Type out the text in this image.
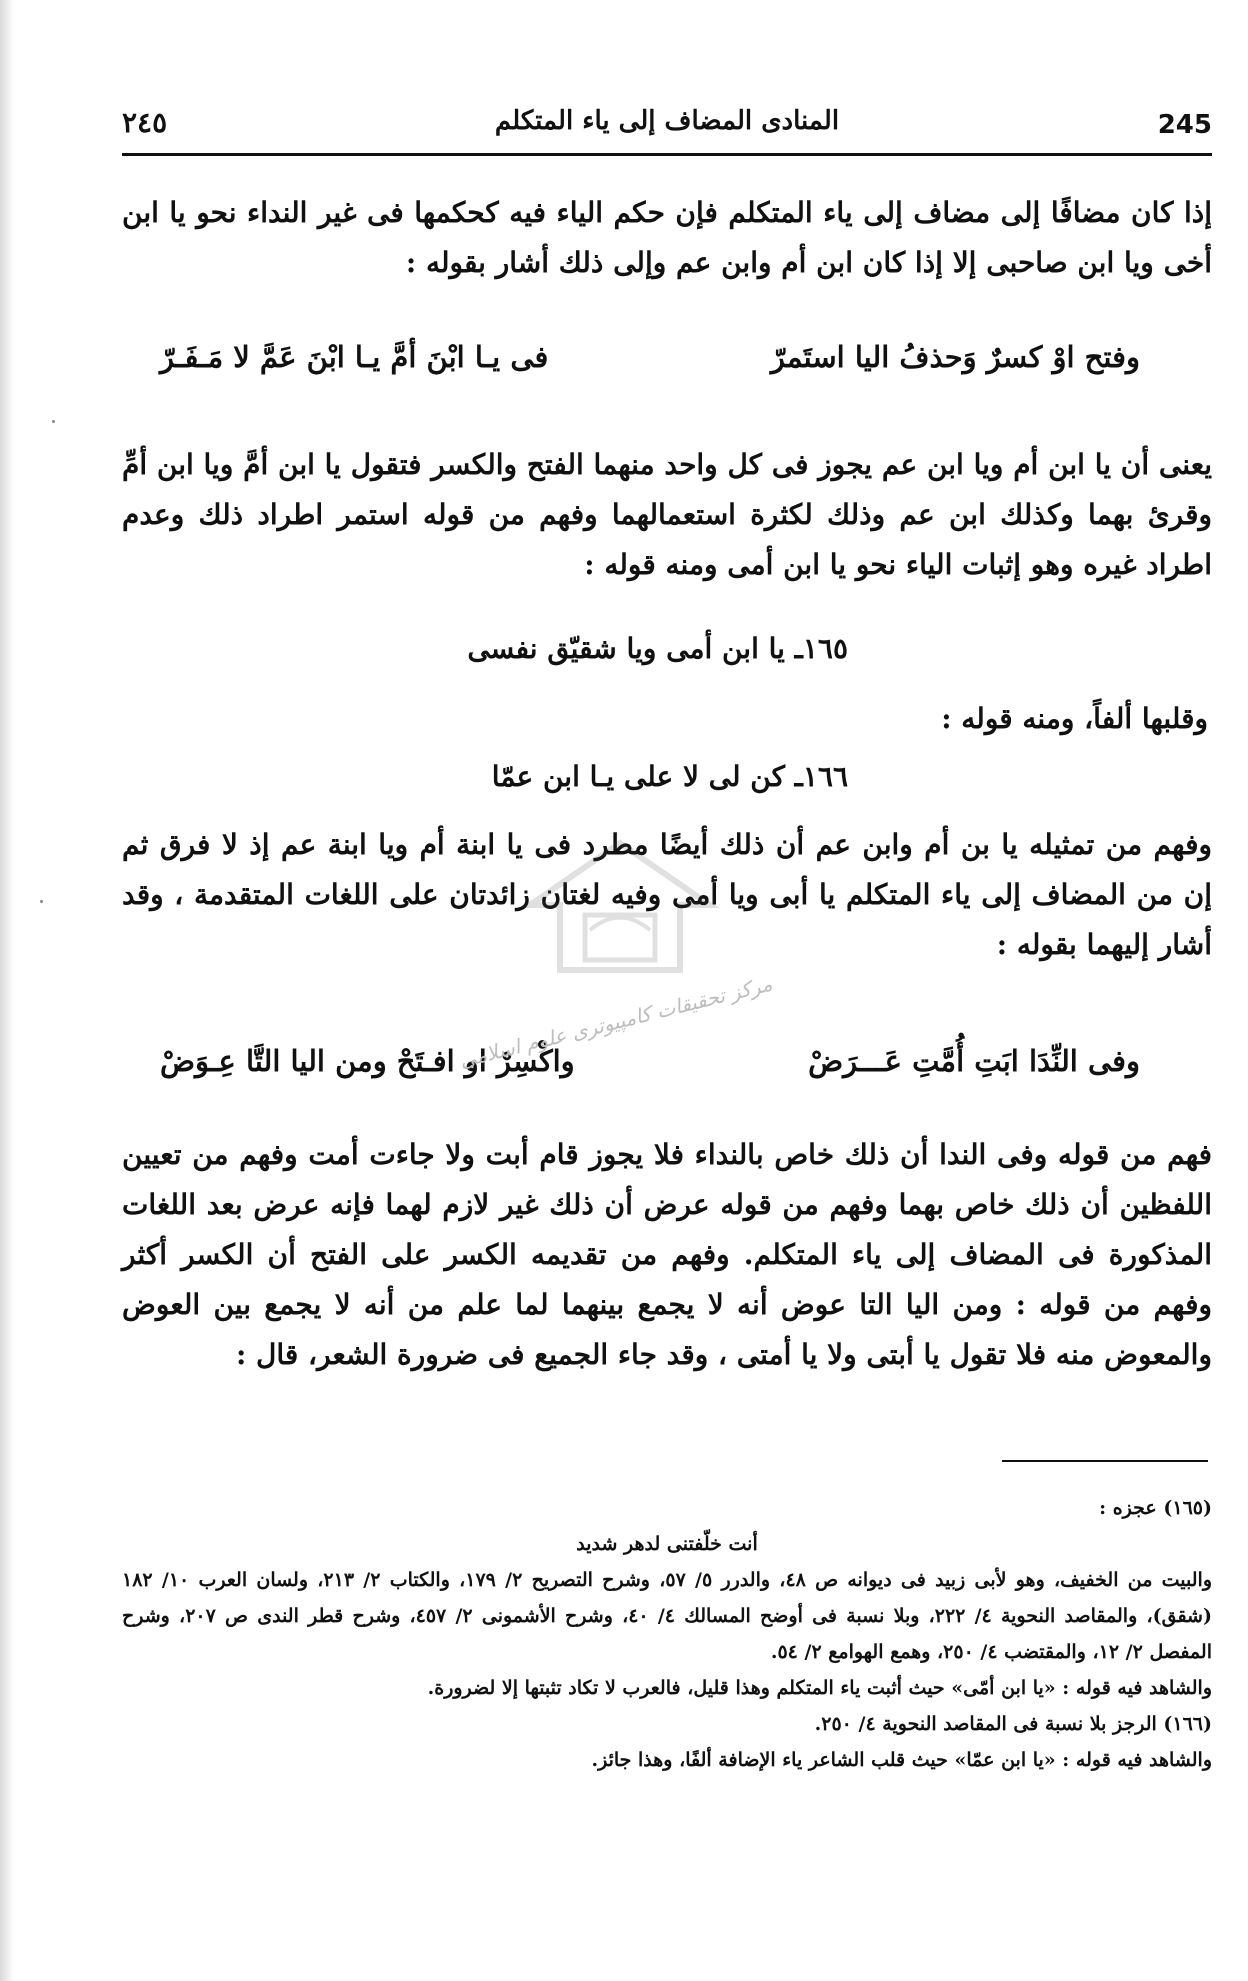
245
المنادى المضاف إلى ياء المتكلم
٢٤٥

إذا كان مضافًا إلى مضاف إلى ياء المتكلم فإن حكم الياء فيه كحكمها فى غير النداء نحو يا ابن أخى ويا ابن صاحبى إلا إذا كان ابن أم وابن عم وإلى ذلك أشار بقوله :

وفتح اوْ كسرٌ وَحذفُ اليا استَمرّ
فى يـا ابْنَ أمَّ يـا ابْنَ عَمَّ لا مَـفَـرّ

يعنى أن يا ابن أم ويا ابن عم يجوز فى كل واحد منهما الفتح والكسر فتقول يا ابن أمَّ ويا ابن أمِّ وقرئ بهما وكذلك ابن عم وذلك لكثرة استعمالهما وفهم من قوله استمر اطراد ذلك وعدم اطراد غيره وهو إثبات الياء نحو يا ابن أمى ومنه قوله :

١٦٥ـ يا ابن أمى ويا شقيّق نفسى
وقلبها ألفاً، ومنه قوله :
١٦٦ـ كن لى لا على يـا ابن عمّا

وفهم من تمثيله يا بن أم وابن عم أن ذلك أيضًا مطرد فى يا ابنة أم ويا ابنة عم إذ لا فرق ثم إن من المضاف إلى ياء المتكلم يا أبى ويا أمى وفيه لغتان زائدتان على اللغات المتقدمة ، وقد أشار إليهما بقوله :

وفى النِّدَا ابَتِ أُمَّتِ عَـــرَضْ
واكْسِرْ او افـتَحْ ومن اليا التَّا عِـوَضْ

فهم من قوله وفى الندا أن ذلك خاص بالنداء فلا يجوز قام أبت ولا جاءت أمت وفهم من تعيين اللفظين أن ذلك خاص بهما وفهم من قوله عرض أن ذلك غير لازم لهما فإنه عرض بعد اللغات المذكورة فى المضاف إلى ياء المتكلم. وفهم من تقديمه الكسر على الفتح أن الكسر أكثر وفهم من قوله : ومن اليا التا عوض أنه لا يجمع بينهما لما علم من أنه لا يجمع بين العوض والمعوض منه فلا تقول يا أبتى ولا يا أمتى ، وقد جاء الجميع فى ضرورة الشعر، قال :

(١٦٥) عجزه :

أنت خلّفتنى لدهر شديد

والبيت من الخفيف، وهو لأبى زبيد فى ديوانه ص ٤٨، والدرر ٥/ ٥٧، وشرح التصريح ٢/ ١٧٩، والكتاب ٢/ ٢١٣، ولسان العرب ١٠/ ١٨٢ (شقق)، والمقاصد النحوية ٤/ ٢٢٢، وبلا نسبة فى أوضح المسالك ٤/ ٤٠، وشرح الأشمونى ٢/ ٤٥٧، وشرح قطر الندى ص ٢٠٧، وشرح المفصل ٢/ ١٢، والمقتضب ٤/ ٢٥٠، وهمع الهوامع ٢/ ٥٤.

والشاهد فيه قوله : «يا ابن أمّى» حيث أثبت ياء المتكلم وهذا قليل، فالعرب لا تكاد تثبتها إلا لضرورة.

(١٦٦) الرجز بلا نسبة فى المقاصد النحوية ٤/ ٢٥٠.

والشاهد فيه قوله : «يا ابن عمّا» حيث قلب الشاعر ياء الإضافة ألفًا، وهذا جائز.

مركز تحقيقات كامپيوترى علوم اسلامى
